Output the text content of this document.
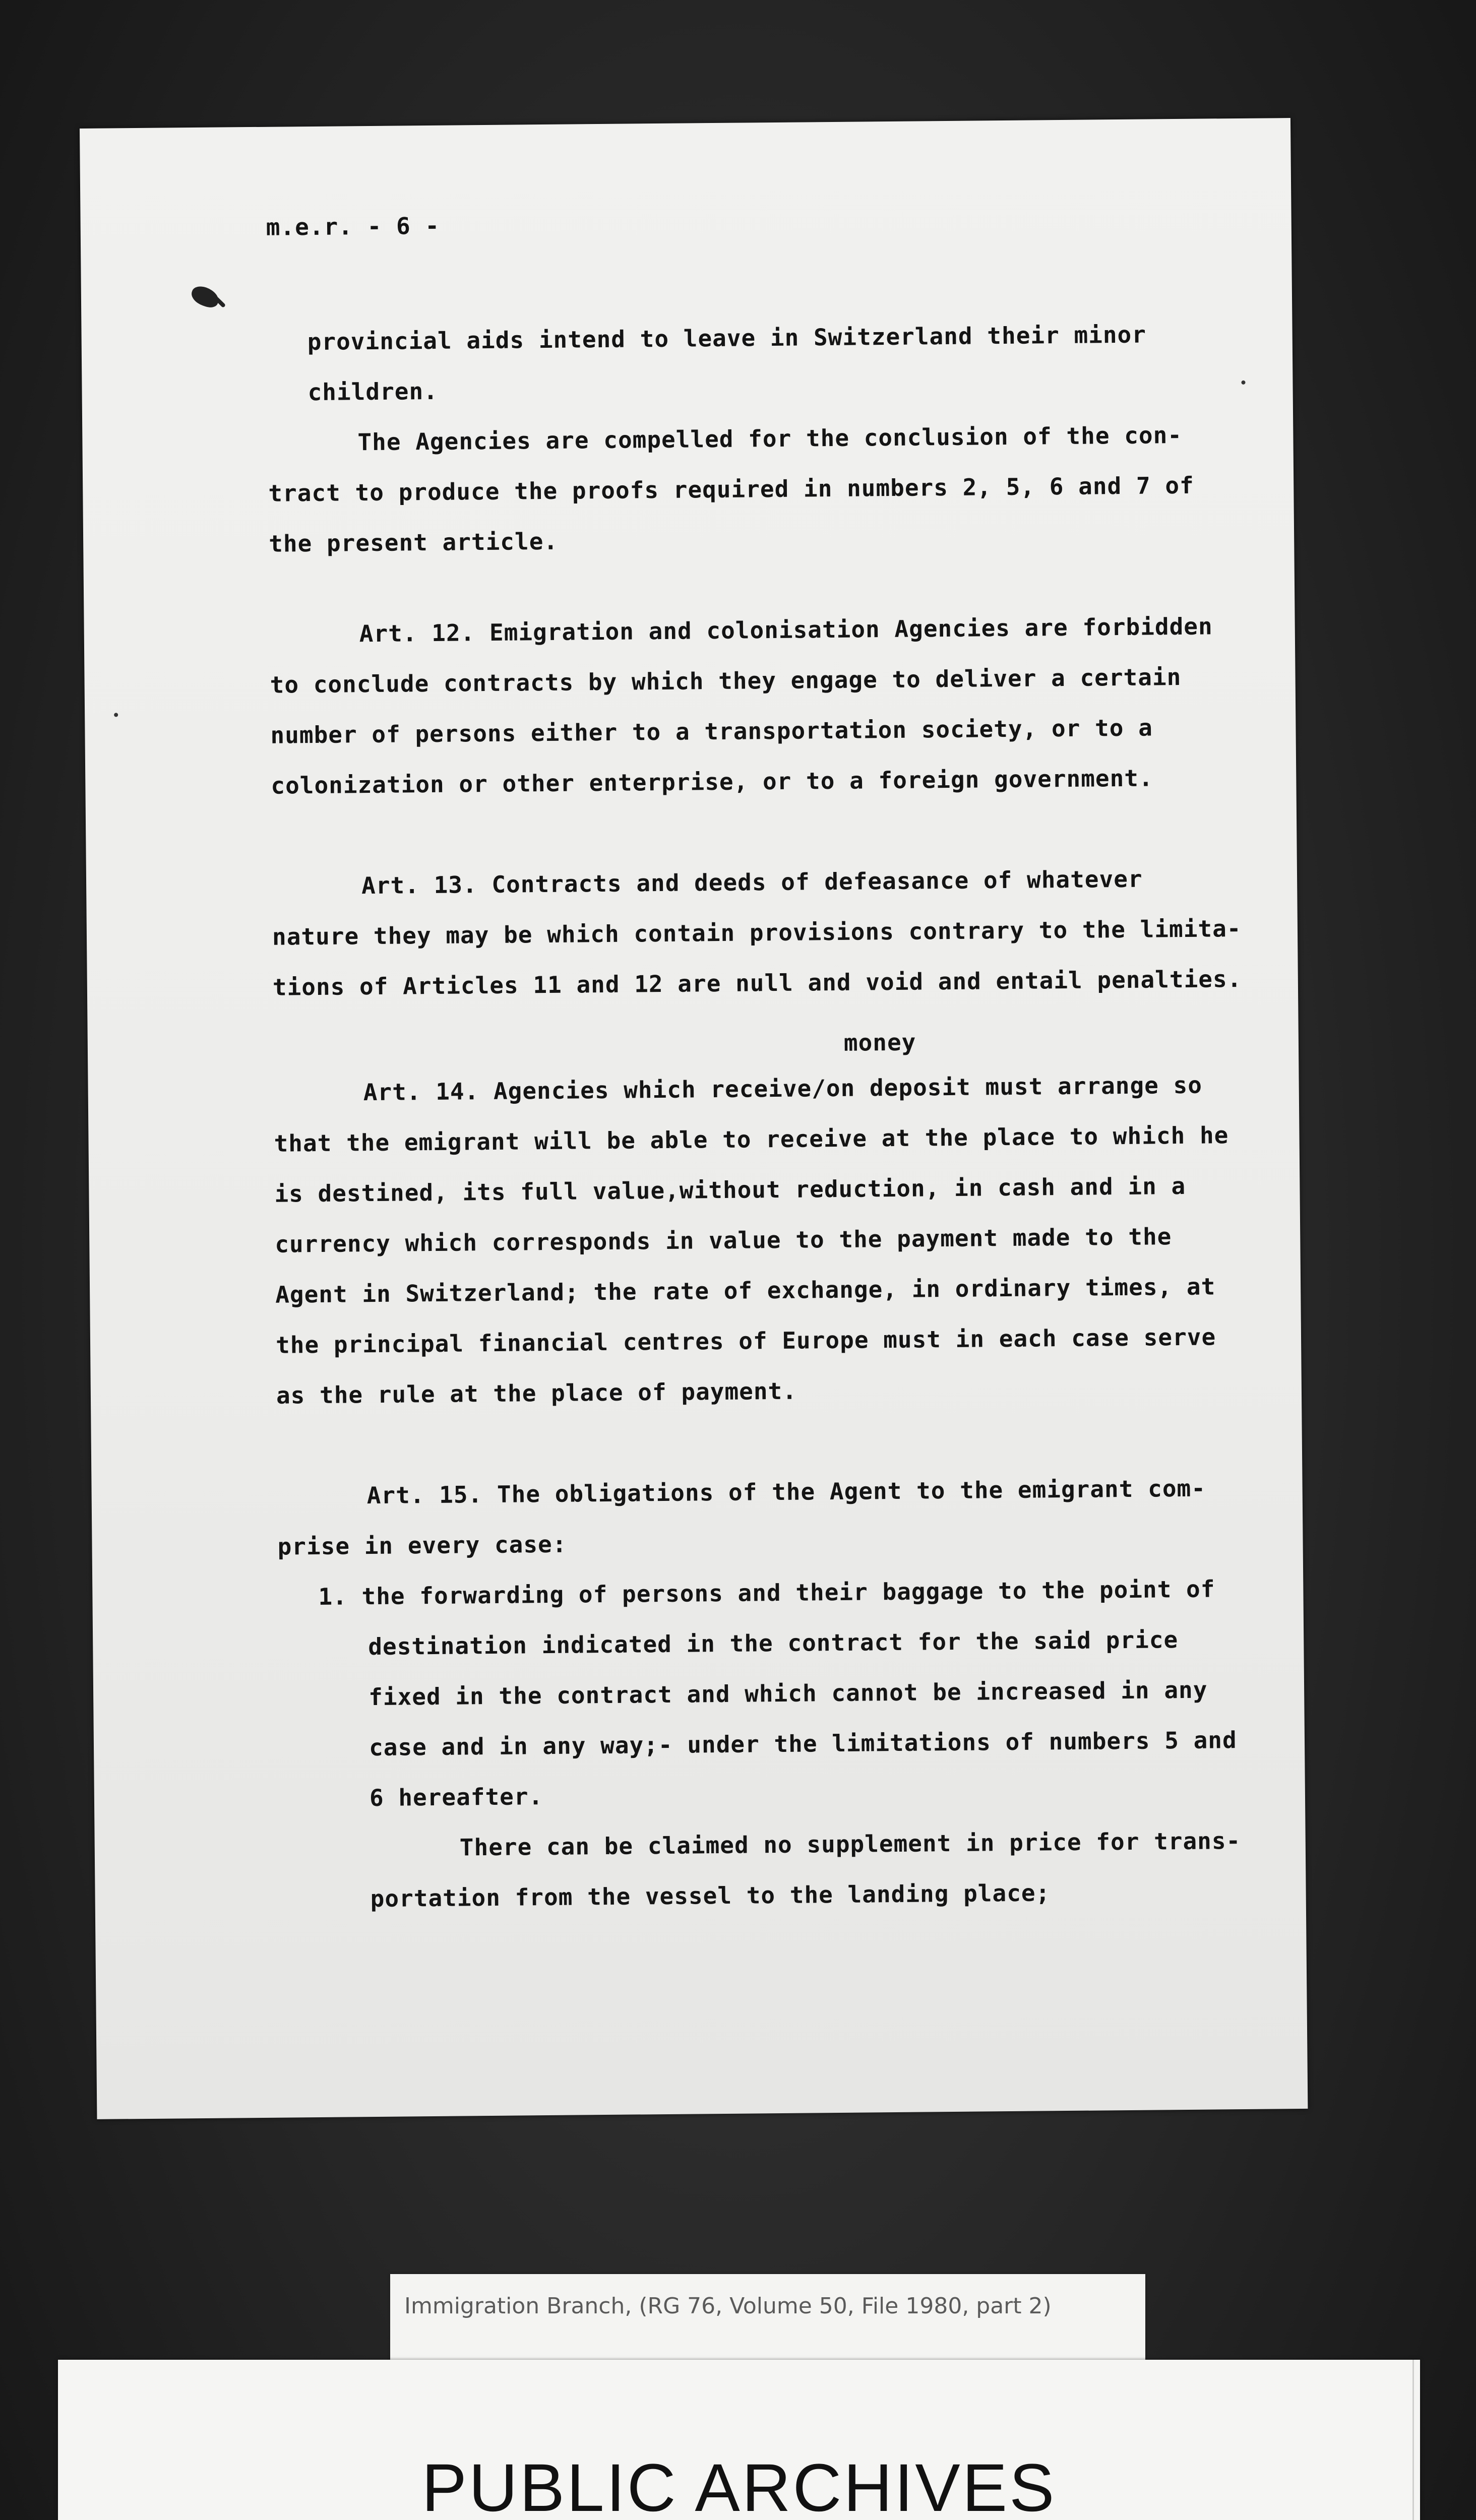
m.e.r. - 6 -
provincial aids intend to leave in Switzerland their minor
children.
The Agencies are compelled for the conclusion of the con-
tract to produce the proofs required in numbers 2, 5, 6 and 7 of
the present article.
Art. 12. Emigration and colonisation Agencies are forbidden
to conclude contracts by which they engage to deliver a certain
number of persons either to a transportation society, or to a
colonization or other enterprise, or to a foreign government.
Art. 13. Contracts and deeds of defeasance of whatever
nature they may be which contain provisions contrary to the limita-
tions of Articles 11 and 12 are null and void and entail penalties.
money
Art. 14. Agencies which receive/on deposit must arrange so
that the emigrant will be able to receive at the place to which he
is destined, its full value,without reduction, in cash and in a
currency which corresponds in value to the payment made to the
Agent in Switzerland; the rate of exchange, in ordinary times, at
the principal financial centres of Europe must in each case serve
as the rule at the place of payment.
Art. 15. The obligations of the Agent to the emigrant com-
prise in every case:
1. the forwarding of persons and their baggage to the point of
destination indicated in the contract for the said price
fixed in the contract and which cannot be increased in any
case and in any way;- under the limitations of numbers 5 and
6 hereafter.
There can be claimed no supplement in price for trans-
portation from the vessel to the landing place;
Immigration Branch, (RG 76, Volume 50, File 1980, part 2)
PUBLIC ARCHIVES
